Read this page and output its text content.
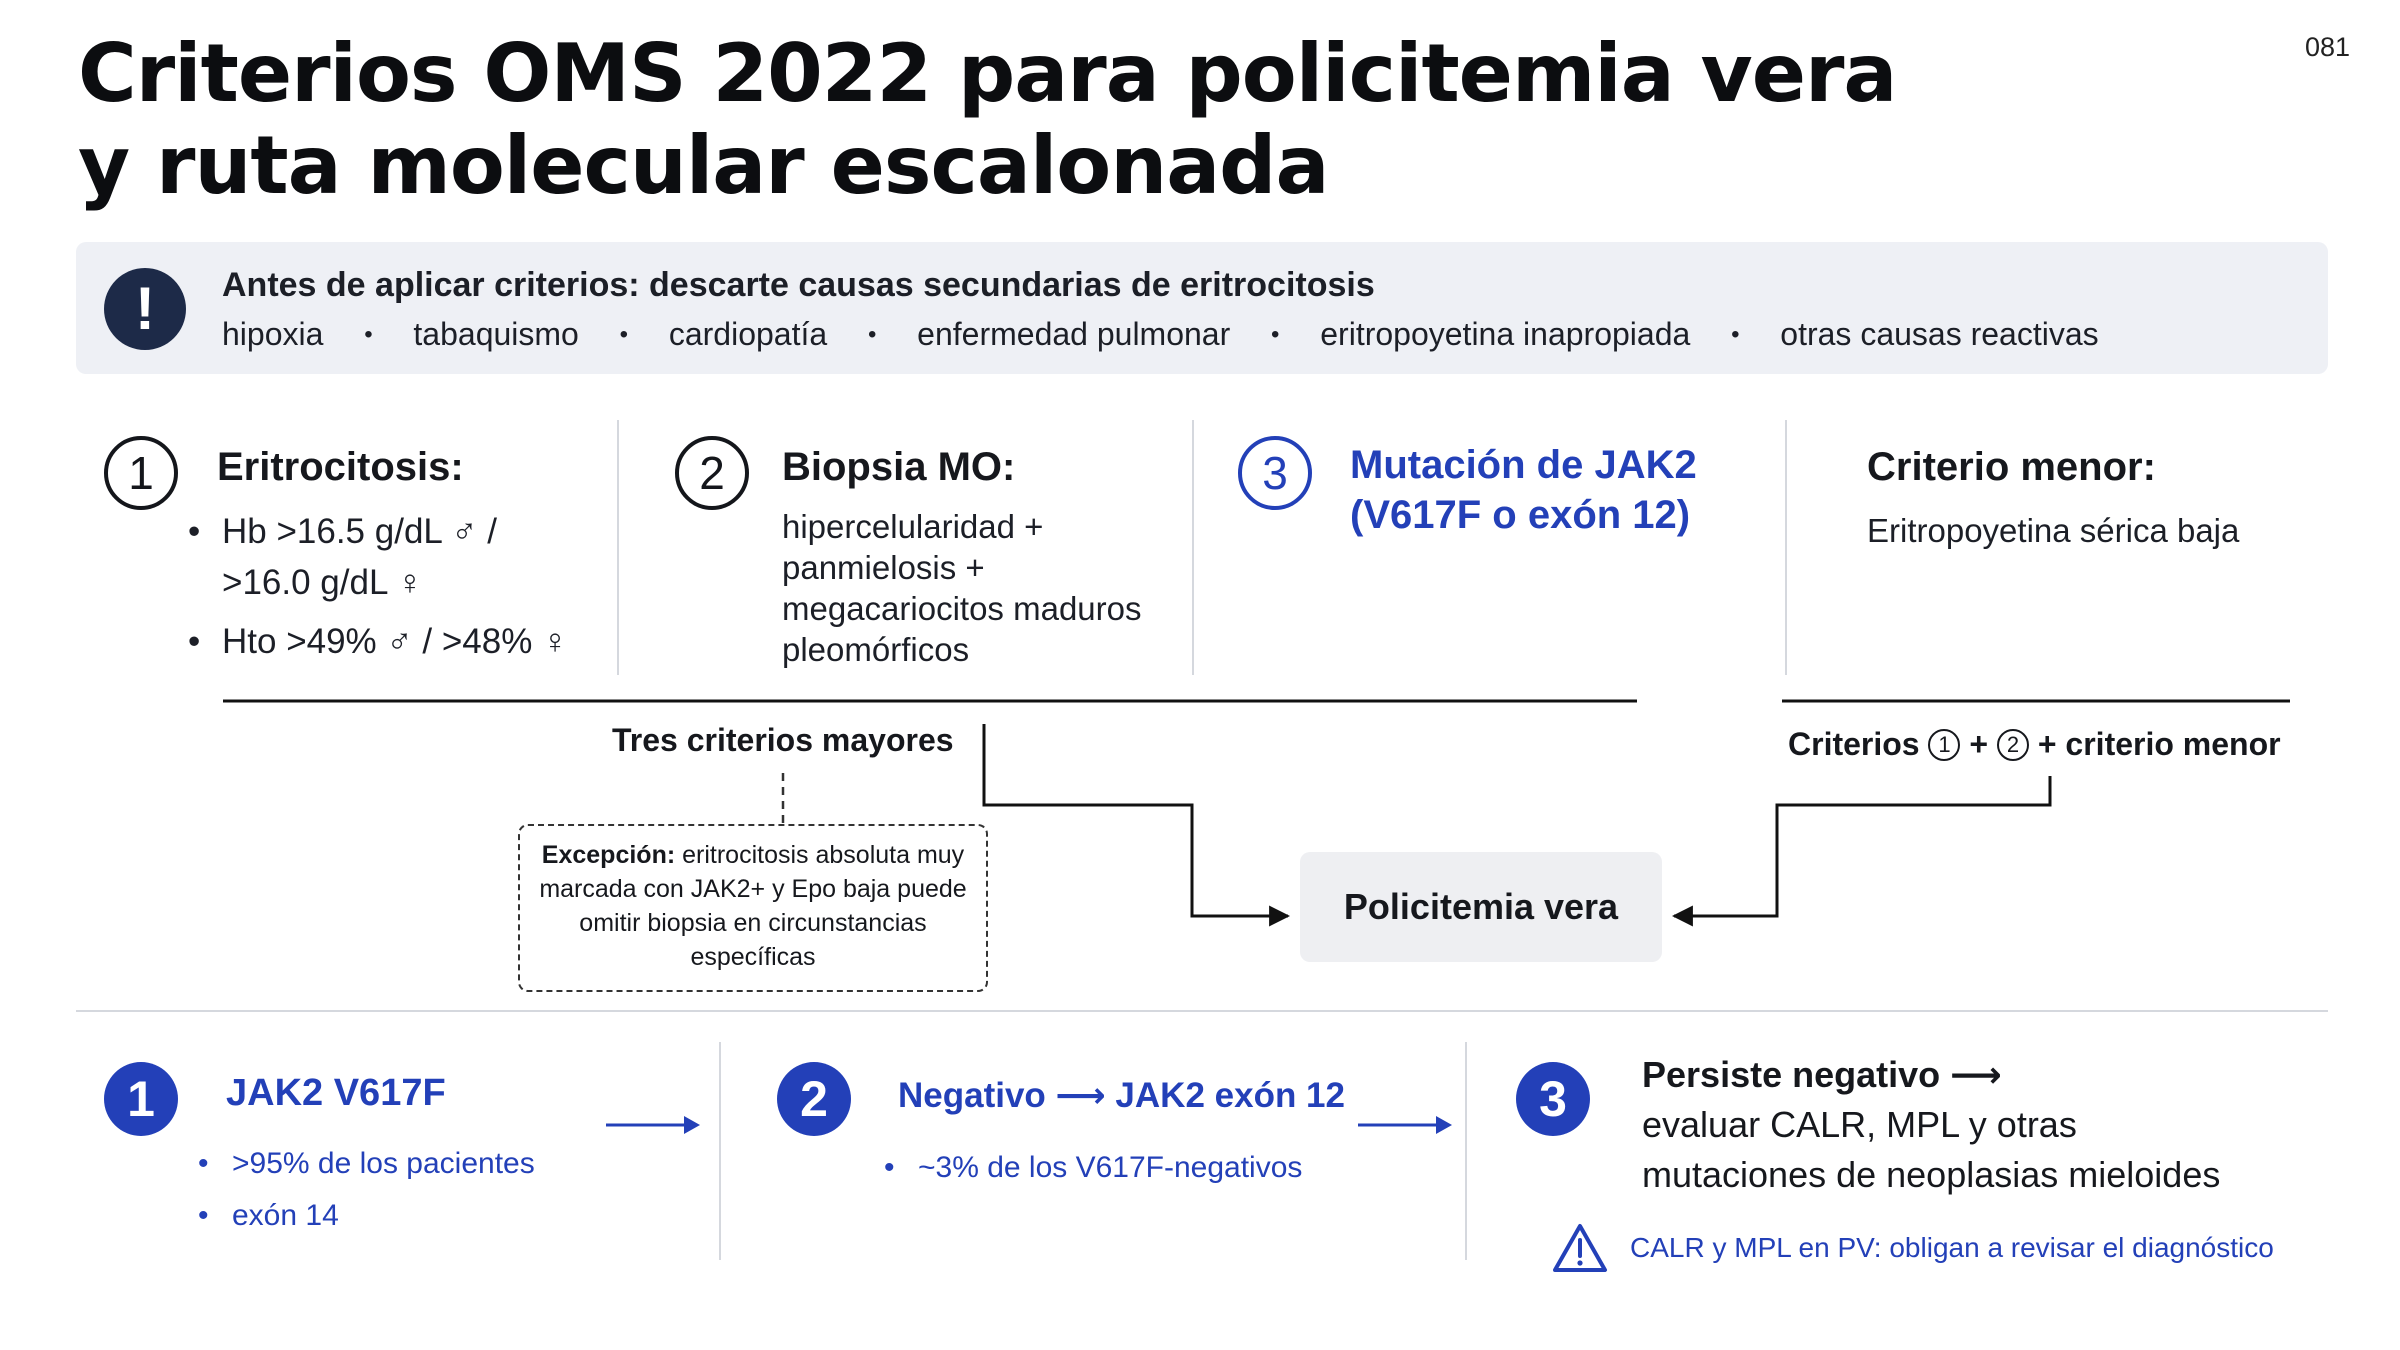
081
Criterios OMS 2022 para policitemia vera
y ruta molecular escalonada
!	Antes de aplicar criterios: descarte causas secundarias de eritrocitosis
hipoxia	•	tabaquismo	•	cardiopatía	•	enfermedad pulmonar	•	eritropoyetina inapropiada	•	otras causas reactivas
1	Eritrocitosis:
• Hb >16.5 g/dL ♂ / >16.0 g/dL ♀
• Hto >49% ♂ / >48% ♀
2	Biopsia MO:
hipercelularidad + panmielosis + megacariocitos maduros pleomórficos
3	Mutación de JAK2
(V617F o exón 12)
Criterio menor:
Eritropoyetina sérica baja
Tres criterios mayores	Criterios 1 + 2 + criterio menor
Excepción: eritrocitosis absoluta muy marcada con JAK2+ y Epo baja puede omitir biopsia en circunstancias específicas
Policitemia vera
1	JAK2 V617F
• >95% de los pacientes
• exón 14
2	Negativo ⟶ JAK2 exón 12
• ~3% de los V617F-negativos
3	Persiste negativo ⟶
evaluar CALR, MPL y otras
mutaciones de neoplasias mieloides
CALR y MPL en PV: obligan a revisar el diagnóstico
